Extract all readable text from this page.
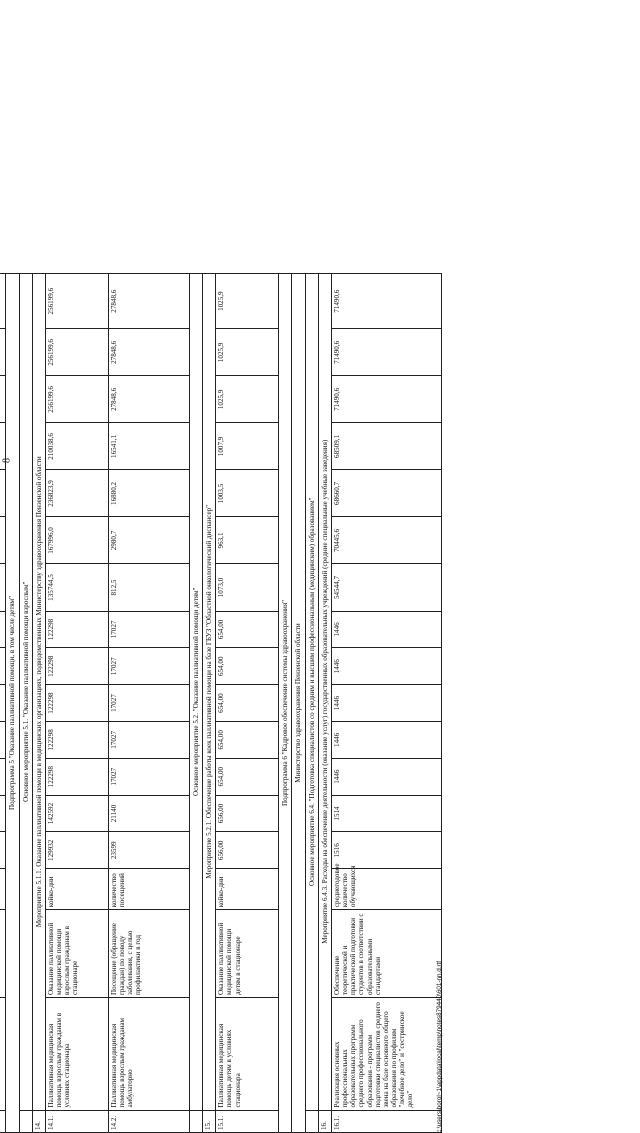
8

Подпрограмма 5 "Оказание паллиативной помощи, в том числе детям"																	
	Основное мероприятие 5.1. "Оказание паллиативной помощи взрослым"																
14.	Мероприятие 5.1.1. Оказание паллиативной помощи в медицинских организациях, подведомственных Министерству здравоохранения Пензенской области																
14.1.	Паллиативная медицинская помощь взрослым гражданам в условиях стационара	Оказание паллиативной медицинской помощи взрослым гражданам в стационаре	койко-дни	129932	142592	122298	122298	122298	122298	122298	135744,5	167996,0	236823,9	210038,6	256199,6	256199,6	256199,6
14.2.	Паллиативная медицинская помощь взрослым гражданам амбулаторно	Посещение (обращение граждан) по поводу заболевания, с целью профилактики в год	количество посещений	23599	21140	17027	17027	17027	17027	17027	812,5	2980,7	16880,2	16541,1	27848,6	27848,6	27848,6
	Основное мероприятие 5.2. "Оказание паллиативной помощи детям"																
15.	Мероприятие 5.2.1. Обеспечение работы коек паллиативной помощи на базе ГБУЗ "Областной онкологический диспансер"																
15.1.	Паллиативная медицинская помощь детям в условиях стационара	Оказание паллиативной медицинской помощи детям в стационаре	койко-дни	656,00	656,00	654,00	654,00	654,00	654,00	654,00	1073,0	963,1	1003,5	1007,9	1025,9	1025,9	1025,9
Подпрограмма 6 "Кадровое обеспечение системы здравоохранения"																	
Министерство здравоохранения Пензенской области																	
	Основное мероприятие 6.4. "Подготовка специалистов со средним и высшим профессиональным (медицинским) образованием"																
16.	Мероприятие 6.4.3. Расходы на обеспечение деятельности (оказание услуг) государственных образовательных учреждений (средние специальные учебные заведения)																
16.1.	Реализация основных профессиональных образовательных программ среднего профессионального образования - программ подготовки специалистов среднего звена на базе основного общего образования по профилям "лечебное дело" и "сестринское дело"	Обеспечение теоретической и практической подготовки студентов в соответствии с образовательными стандартами	среднегодовое количество обучающихся	1516	1514	1446	1446	1446	1446	1446	54544,7	70445,6	68660,7	68509,1	71490,6	71490,6	71490,6
c:\users\borol~1\appdata\local\temp\notes879440\601-nn.d.rtf
